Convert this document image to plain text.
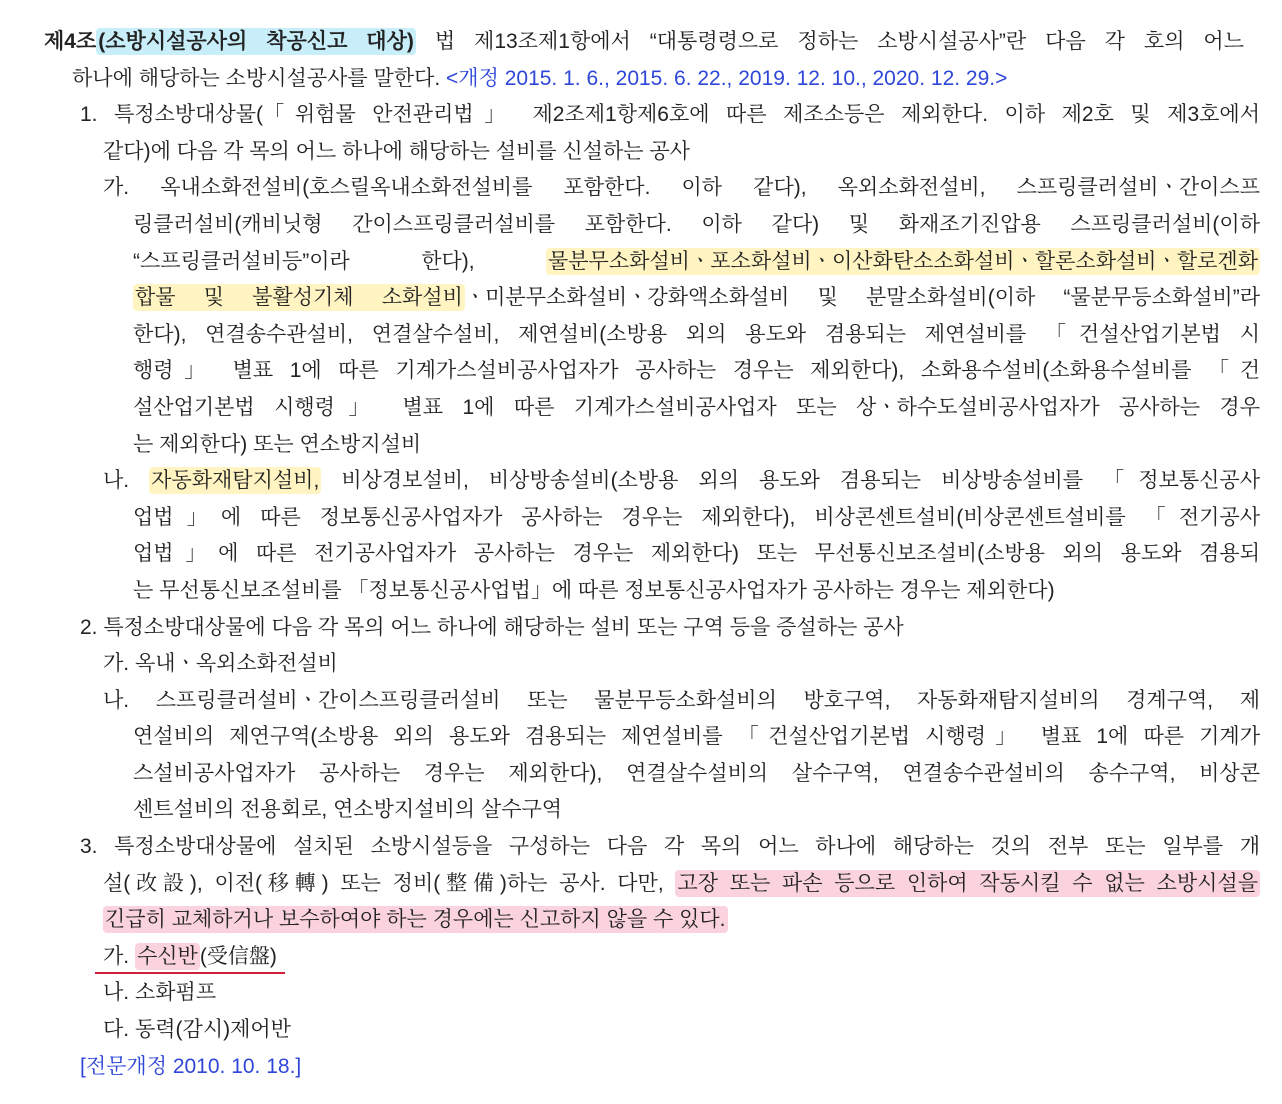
제4조(소방시설공사의 착공신고 대상) 법 제13조제1항에서 “대통령령으로 정하는 소방시설공사”란 다음 각 호의 어느
하나에 해당하는 소방시설공사를 말한다. <개정 2015. 1. 6., 2015. 6. 22., 2019. 12. 10., 2020. 12. 29.>
1. 특정소방대상물(「위험물 안전관리법」 제2조제1항제6호에 따른 제조소등은 제외한다. 이하 제2호 및 제3호에서
같다)에 다음 각 목의 어느 하나에 해당하는 설비를 신설하는 공사
가. 옥내소화전설비(호스릴옥내소화전설비를 포함한다. 이하 같다), 옥외소화전설비, 스프링클러설비ㆍ간이스프
링클러설비(캐비닛형 간이스프링클러설비를 포함한다. 이하 같다) 및 화재조기진압용 스프링클러설비(이하
“스프링클러설비등”이라 한다),	물분무소화설비ㆍ포소화설비ㆍ이산화탄소소화설비ㆍ할론소화설비ㆍ할로겐화
합물 및 불활성기체 소화설비ㆍ미분무소화설비ㆍ강화액소화설비 및 분말소화설비(이하 “물분무등소화설비”라
한다), 연결송수관설비, 연결살수설비, 제연설비(소방용 외의 용도와 겸용되는 제연설비를 「건설산업기본법 시
행령」 별표 1에 따른 기계가스설비공사업자가 공사하는 경우는 제외한다), 소화용수설비(소화용수설비를 「건
설산업기본법 시행령」 별표 1에 따른 기계가스설비공사업자 또는 상ㆍ하수도설비공사업자가 공사하는 경우
는 제외한다) 또는 연소방지설비
나. 자동화재탐지설비, 비상경보설비, 비상방송설비(소방용 외의 용도와 겸용되는 비상방송설비를 「정보통신공사
업법」에 따른 정보통신공사업자가 공사하는 경우는 제외한다), 비상콘센트설비(비상콘센트설비를 「전기공사
업법」에 따른 전기공사업자가 공사하는 경우는 제외한다) 또는 무선통신보조설비(소방용 외의 용도와 겸용되
는 무선통신보조설비를 「정보통신공사업법」에 따른 정보통신공사업자가 공사하는 경우는 제외한다)
2. 특정소방대상물에 다음 각 목의 어느 하나에 해당하는 설비 또는 구역 등을 증설하는 공사
가. 옥내ㆍ옥외소화전설비
나. 스프링클러설비ㆍ간이스프링클러설비 또는 물분무등소화설비의 방호구역, 자동화재탐지설비의 경계구역, 제
연설비의 제연구역(소방용 외의 용도와 겸용되는 제연설비를 「건설산업기본법 시행령」 별표 1에 따른 기계가
스설비공사업자가 공사하는 경우는 제외한다), 연결살수설비의 살수구역, 연결송수관설비의 송수구역, 비상콘
센트설비의 전용회로, 연소방지설비의 살수구역
3. 특정소방대상물에 설치된 소방시설등을 구성하는 다음 각 목의 어느 하나에 해당하는 것의 전부 또는 일부를 개
설(改設), 이전(移轉) 또는 정비(整備)하는 공사. 다만, 고장 또는 파손 등으로 인하여 작동시킬 수 없는 소방시설을
긴급히 교체하거나 보수하여야 하는 경우에는 신고하지 않을 수 있다.
가. 수신반(受信盤)
나. 소화펌프
다. 동력(감시)제어반
[전문개정 2010. 10. 18.]
